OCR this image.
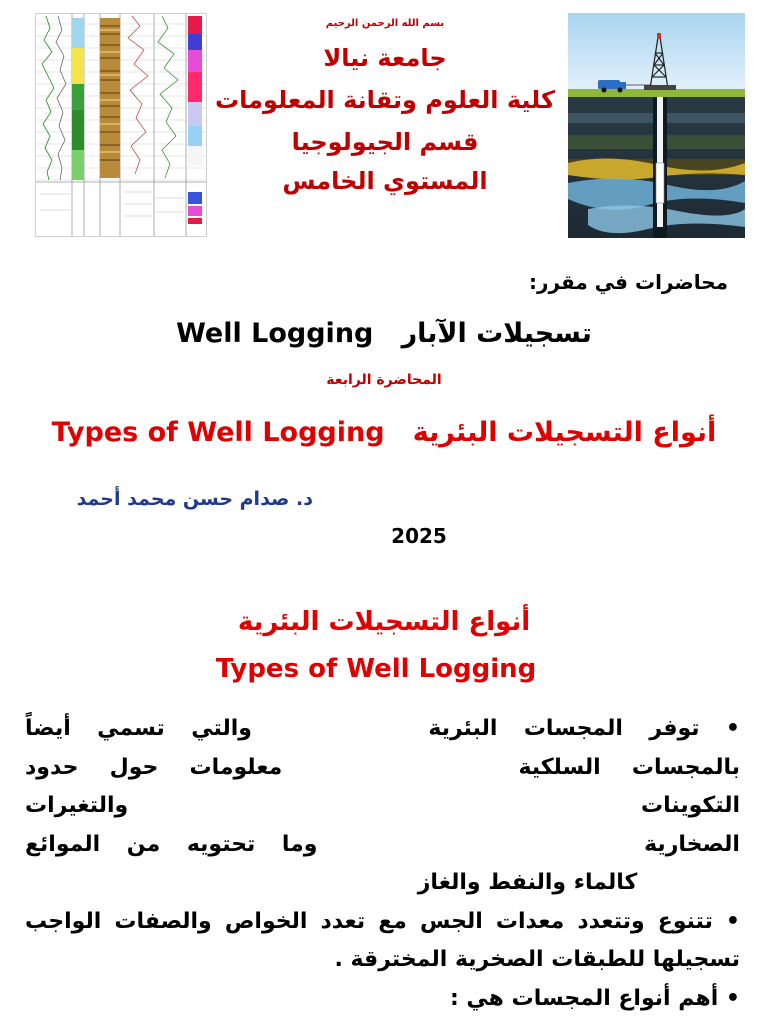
بسم الله الرحمن الرحيم
جامعة نيالا
كلية العلوم وتقانة المعلومات
قسم الجيولوجيا
المستوي الخامس
محاضرات في مقرر:
Well Logging تسجيلات الآبار
المحاضرة الرابعة
Types of Well Logging أنواع التسجيلات البئرية
د. صدام حسن محمد أحمد
2025
أنواع التسجيلات البئرية
Types of Well Logging
• توفر المجسات البئرية والتي تسمي أيضاً بالمجسات السلكية معلومات حول حدود التكوينات والتغيرات الصخارية وما تحتويه من الموائع كالماء والنفط والغاز
• تتنوع وتتعدد معدات الجس مع تعدد الخواص والصفات الواجب تسجيلها للطبقات الصخرية المخترقة .
• أهم أنواع المجسات هي :
